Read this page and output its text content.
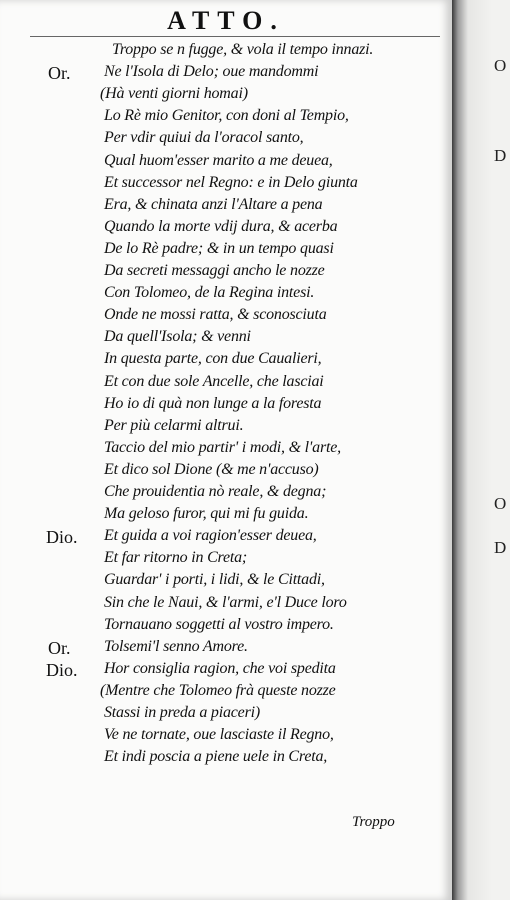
ATTO.
Troppo se n fugge, & vola il tempo innazi.
Or. Ne l'Isola di Delo; oue mandommi
(Hà venti giorni homai)
Lo Rè mio Genitor, con doni al Tempio,
Per vdir quiui da l'oracol santo,
Qual huom'esser marito a me deuea,
Et successor nel Regno: e in Delo giunta
Era, & chinata anzi l'Altare a pena
Quando la morte vdij dura, & acerba
De lo Rè padre; & in un tempo quasi
Da secreti messaggi ancho le nozze
Con Tolomeo, de la Regina intesi.
Onde ne mossi ratta, & sconosciuta
Da quell'Isola; & venni
In questa parte, con due Caualieri,
Et con due sole Ancelle, che lasciai
Ho io di quà non lunge a la foresta
Per più celarmi altrui.
Taccio del mio partir' i modi, & l'arte,
Et dico sol Dione (& me n'accuso)
Che prouidentia nò reale, & degna;
Ma geloso furor, qui mi fu guida.
Dio. Et guida a voi ragion'esser deuea,
Et far ritorno in Creta;
Guardar' i porti, i lidi, & le Cittadi,
Sin che le Naui, & l'armi, e'l Duce loro
Tornauano soggetti al vostro impero.
Or. Tolsemi'l senno Amore.
Dio. Hor consiglia ragion, che voi spedita
(Mentre che Tolomeo frà queste nozze
Stassi in preda a piaceri)
Ve ne tornate, oue lasciaste il Regno,
Et indi poscia a piene uele in Creta,
Troppo
O
D
O
D
